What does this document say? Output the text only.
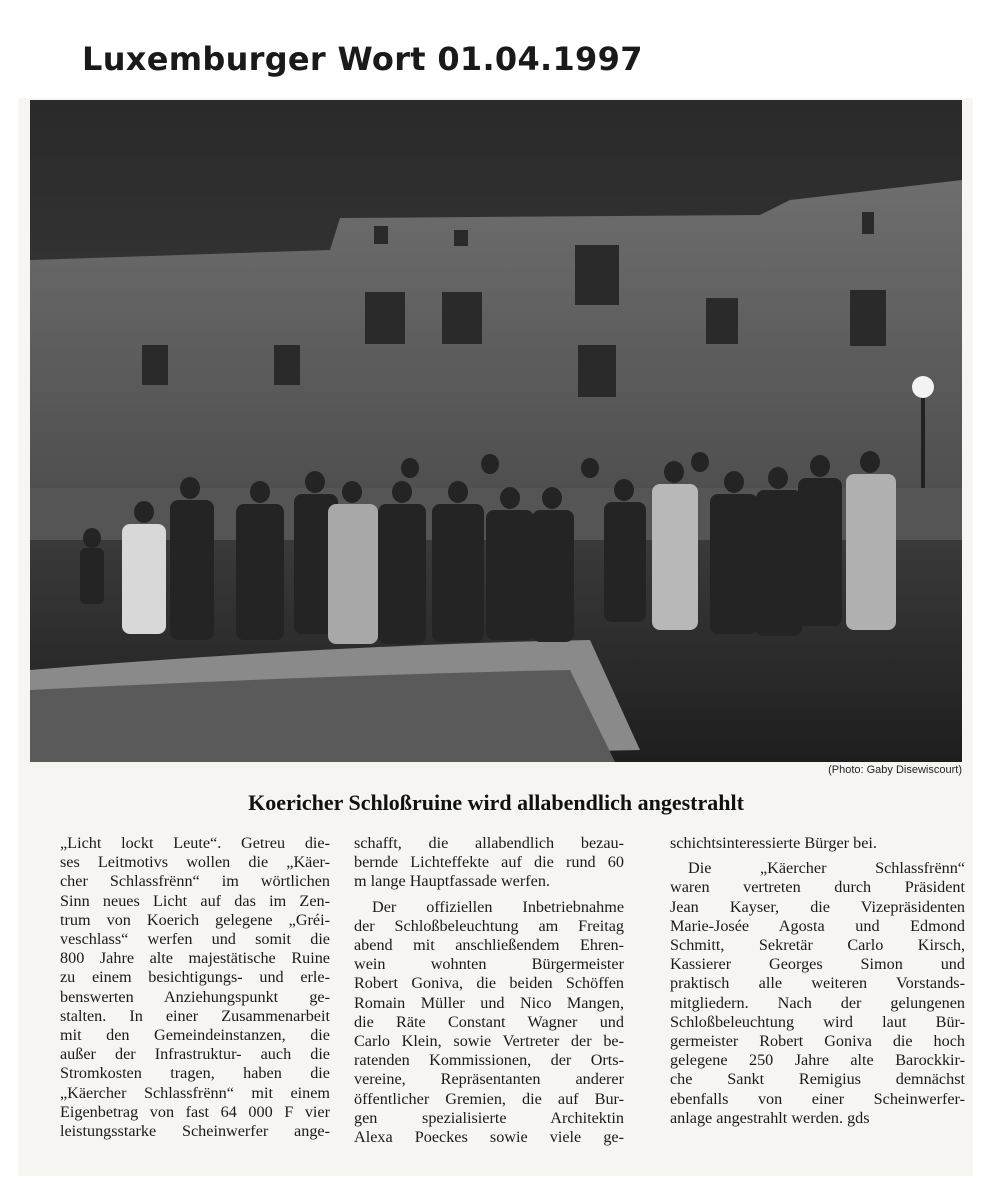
Luxemburger Wort 01.04.1997
(Photo: Gaby Disewiscourt)
Koericher Schloßruine wird allabendlich angestrahlt
„Licht lockt Leute“. Getreu die-
ses Leitmotivs wollen die „Käer-
cher Schlassfrënn“ im wörtlichen
Sinn neues Licht auf das im Zen-
trum von Koerich gelegene „Gréi-
veschlass“ werfen und somit die
800 Jahre alte majestätische Ruine
zu einem besichtigungs- und erle-
benswerten Anziehungspunkt ge-
stalten. In einer Zusammenarbeit
mit den Gemeindeinstanzen, die
außer der Infrastruktur- auch die
Stromkosten tragen, haben die
„Käercher Schlassfrënn“ mit einem
Eigenbetrag von fast 64 000 F vier
leistungsstarke Scheinwerfer ange-
schafft, die allabendlich bezau-
bernde Lichteffekte auf die rund 60
m lange Hauptfassade werfen.
Der offiziellen Inbetriebnahme
der Schloßbeleuchtung am Freitag
abend mit anschließendem Ehren-
wein wohnten Bürgermeister
Robert Goniva, die beiden Schöffen
Romain Müller und Nico Mangen,
die Räte Constant Wagner und
Carlo Klein, sowie Vertreter der be-
ratenden Kommissionen, der Orts-
vereine, Repräsentanten anderer
öffentlicher Gremien, die auf Bur-
gen spezialisierte Architektin
Alexa Poeckes sowie viele ge-
schichtsinteressierte Bürger bei.
Die „Käercher Schlassfrënn“
waren vertreten durch Präsident
Jean Kayser, die Vizepräsidenten
Marie-Josée Agosta und Edmond
Schmitt, Sekretär Carlo Kirsch,
Kassierer Georges Simon und
praktisch alle weiteren Vorstands-
mitgliedern. Nach der gelungenen
Schloßbeleuchtung wird laut Bür-
germeister Robert Goniva die hoch
gelegene 250 Jahre alte Barockkir-
che Sankt Remigius demnächst
ebenfalls von einer Scheinwerfer-
anlage angestrahlt werden. gds
